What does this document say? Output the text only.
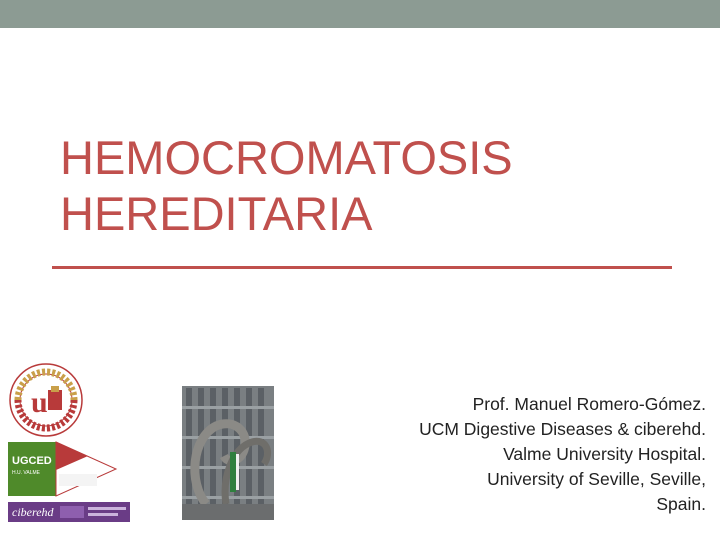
HEMOCROMATOSIS
HEREDITARIA
u
UGCED
H.U. VALME
ciberehd
Prof. Manuel Romero-Gómez.
UCM Digestive Diseases & ciberehd.
Valme University Hospital.
University of Seville, Seville,
Spain.
